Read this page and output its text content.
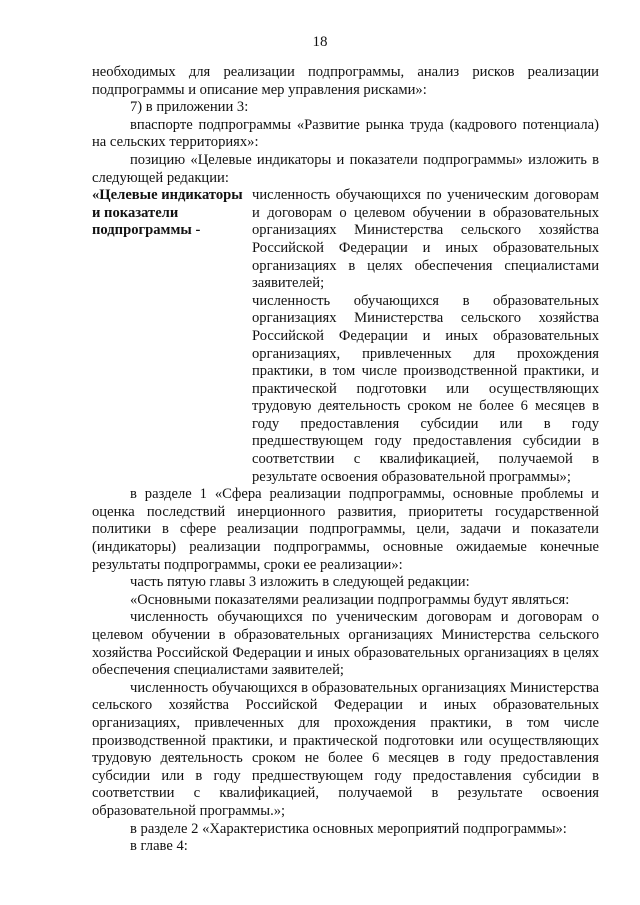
18

необходимых для реализации подпрограммы, анализ рисков реализации подпрограммы и описание мер управления рисками»:

7) в приложении 3:

впаспорте подпрограммы «Развитие рынка труда (кадрового потенциала) на сельских территориях»:

позицию «Целевые индикаторы и показатели подпрограммы» изложить в следующей редакции:

«Целевые индикаторы и показатели подпрограммы -

численность обучающихся по ученическим договорам и договорам о целевом обучении в образовательных организациях Министерства сельского хозяйства Российской Федерации и иных образовательных организациях в целях обеспечения специалистами заявителей;

численность обучающихся в образовательных организациях Министерства сельского хозяйства Российской Федерации и иных образовательных организациях, привлеченных для прохождения практики, в том числе производственной практики, и практической подготовки или осуществляющих трудовую деятельность сроком не более 6 месяцев в году предоставления субсидии или в году предшествующем году предоставления субсидии в соответствии с квалификацией, получаемой в результате освоения образовательной программы»;

в разделе 1 «Сфера реализации подпрограммы, основные проблемы и оценка последствий инерционного развития, приоритеты государственной политики в сфере реализации подпрограммы, цели, задачи и показатели (индикаторы) реализации подпрограммы, основные ожидаемые конечные результаты подпрограммы, сроки ее реализации»:

часть пятую главы 3 изложить в следующей редакции:

«Основными показателями реализации подпрограммы будут являться:

численность обучающихся по ученическим договорам и договорам о целевом обучении в образовательных организациях Министерства сельского хозяйства Российской Федерации и иных образовательных организациях в целях обеспечения специалистами заявителей;

численность обучающихся в образовательных организациях Министерства сельского хозяйства Российской Федерации и иных образовательных организациях, привлеченных для прохождения практики, в том числе производственной практики, и практической подготовки или осуществляющих трудовую деятельность сроком не более 6 месяцев в году предоставления субсидии или в году предшествующем году предоставления субсидии в соответствии с квалификацией, получаемой в результате освоения образовательной программы.»;

в разделе 2 «Характеристика основных мероприятий подпрограммы»:

в главе 4:
